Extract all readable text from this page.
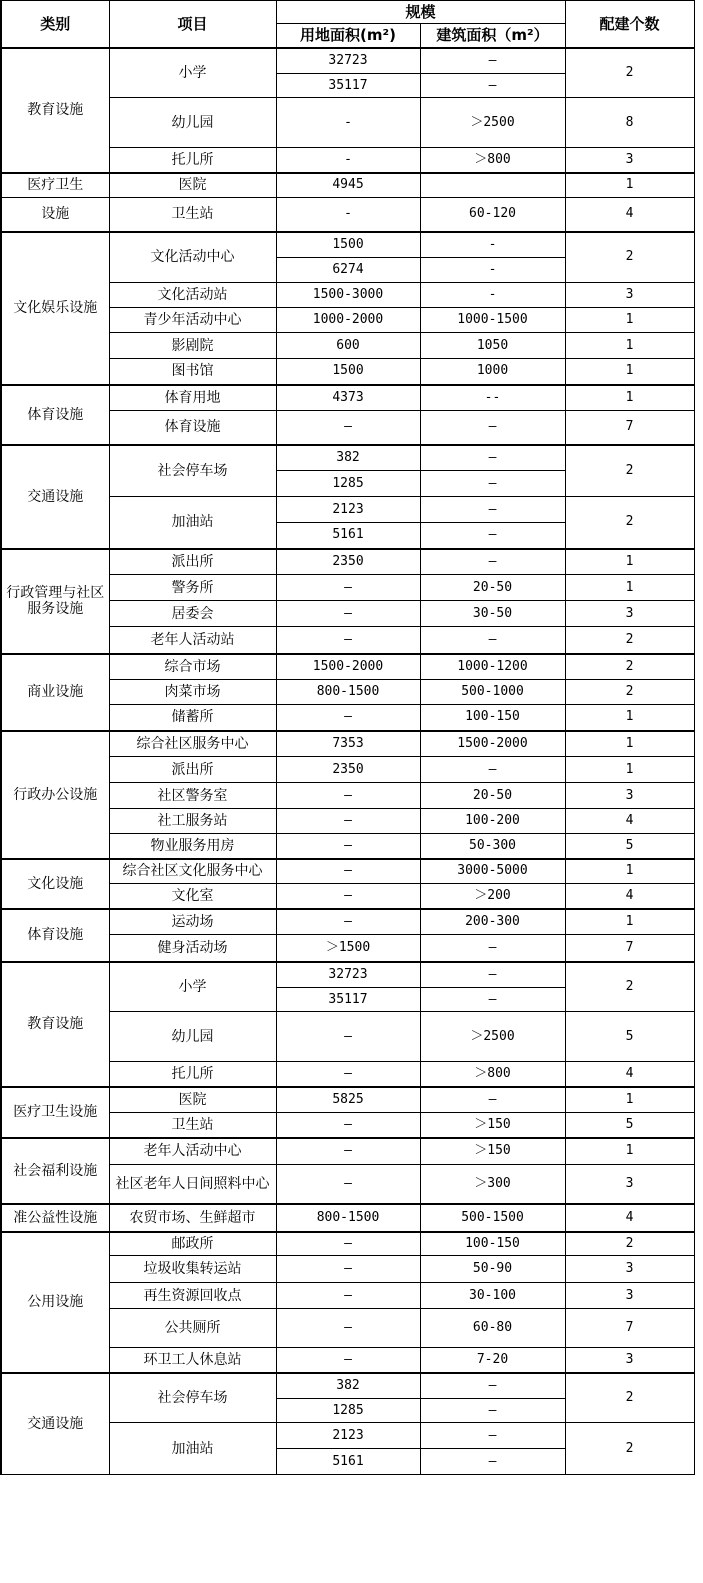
类别	项目	规模		配建个数
		用地面积(m²)	建筑面积（m²）	
教育设施	小学	32723	—	2
		35117	—	
	幼儿园	-	＞2500	8
	托儿所	-	＞800	3
医疗卫生	医院	4945		1
设施	卫生站	-	60-120	4
文化娱乐设施	文化活动中心	1500	-	2
		6274	-	
	文化活动站	1500-3000	-	3
	青少年活动中心	1000-2000	1000-1500	1
	影剧院	600	1050	1
	图书馆	1500	1000	1
体育设施	体育用地	4373	--	1
	体育设施	—	—	7
交通设施	社会停车场	382	—	2
		1285	—	
	加油站	2123	—	2
		5161	—	
行政管理与社区服务设施	派出所	2350	—	1
	警务所	—	20-50	1
	居委会	—	30-50	3
	老年人活动站	—	—	2
商业设施	综合市场	1500-2000	1000-1200	2
	肉菜市场	800-1500	500-1000	2
	储蓄所	—	100-150	1
行政办公设施	综合社区服务中心	7353	1500-2000	1
	派出所	2350	—	1
	社区警务室	—	20-50	3
	社工服务站	—	100-200	4
	物业服务用房	—	50-300	5
文化设施	综合社区文化服务中心	—	3000-5000	1
	文化室	—	＞200	4
体育设施	运动场	—	200-300	1
	健身活动场	＞1500	—	7
教育设施	小学	32723	—	2
		35117	—	
	幼儿园	—	＞2500	5
	托儿所	—	＞800	4
医疗卫生设施	医院	5825	—	1
	卫生站	—	＞150	5
社会福利设施	老年人活动中心	—	＞150	1
	社区老年人日间照料中心	—	＞300	3
准公益性设施	农贸市场、生鲜超市	800-1500	500-1500	4
公用设施	邮政所	—	100-150	2
	垃圾收集转运站	—	50-90	3
	再生资源回收点	—	30-100	3
	公共厕所	—	60-80	7
	环卫工人休息站	—	7-20	3
交通设施	社会停车场	382	—	2
		1285	—	
	加油站	2123	—	2
		5161	—	
